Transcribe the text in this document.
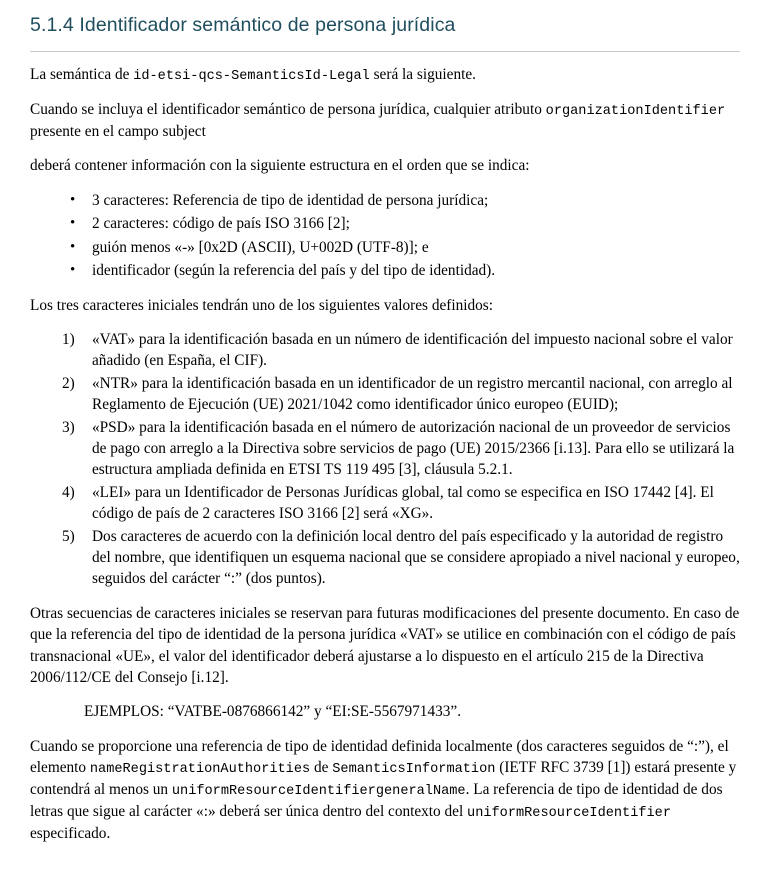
5.1.4 Identificador semántico de persona jurídica

La semántica de id-etsi-qcs-SemanticsId-Legal será la siguiente.

Cuando se incluya el identificador semántico de persona jurídica, cualquier atributo organizationIdentifier presente en el campo subject

deberá contener información con la siguiente estructura en el orden que se indica:

• 3 caracteres: Referencia de tipo de identidad de persona jurídica;
• 2 caracteres: código de país ISO 3166 [2];
• guión menos «-» [0x2D (ASCII), U+002D (UTF-8)]; e
• identificador (según la referencia del país y del tipo de identidad).

Los tres caracteres iniciales tendrán uno de los siguientes valores definidos:

«VAT» para la identificación basada en un número de identificación del impuesto nacional sobre el valor añadido (en España, el CIF).
«NTR» para la identificación basada en un identificador de un registro mercantil nacional, con arreglo al Reglamento de Ejecución (UE) 2021/1042 como identificador único europeo (EUID);
«PSD» para la identificación basada en el número de autorización nacional de un proveedor de servicios de pago con arreglo a la Directiva sobre servicios de pago (UE) 2015/2366 [i.13]. Para ello se utilizará la estructura ampliada definida en ETSI TS 119 495 [3], cláusula 5.2.1.
«LEI» para un Identificador de Personas Jurídicas global, tal como se especifica en ISO 17442 [4]. El código de país de 2 caracteres ISO 3166 [2] será «XG».
Dos caracteres de acuerdo con la definición local dentro del país especificado y la autoridad de registro del nombre, que identifiquen un esquema nacional que se considere apropiado a nivel nacional y europeo, seguidos del carácter “:” (dos puntos).

Otras secuencias de caracteres iniciales se reservan para futuras modificaciones del presente documento. En caso de que la referencia del tipo de identidad de la persona jurídica «VAT» se utilice en combinación con el código de país transnacional «UE», el valor del identificador deberá ajustarse a lo dispuesto en el artículo 215 de la Directiva 2006/112/CE del Consejo [i.12].

EJEMPLOS: “VATBE-0876866142” y “EI:SE-5567971433”.

Cuando se proporcione una referencia de tipo de identidad definida localmente (dos caracteres seguidos de “:”), el elemento nameRegistrationAuthorities de SemanticsInformation (IETF RFC 3739 [1]) estará presente y contendrá al menos un uniformResourceIdentifiergeneralName. La referencia de tipo de identidad de dos letras que sigue al carácter «:» deberá ser única dentro del contexto del uniformResourceIdentifier especificado.
